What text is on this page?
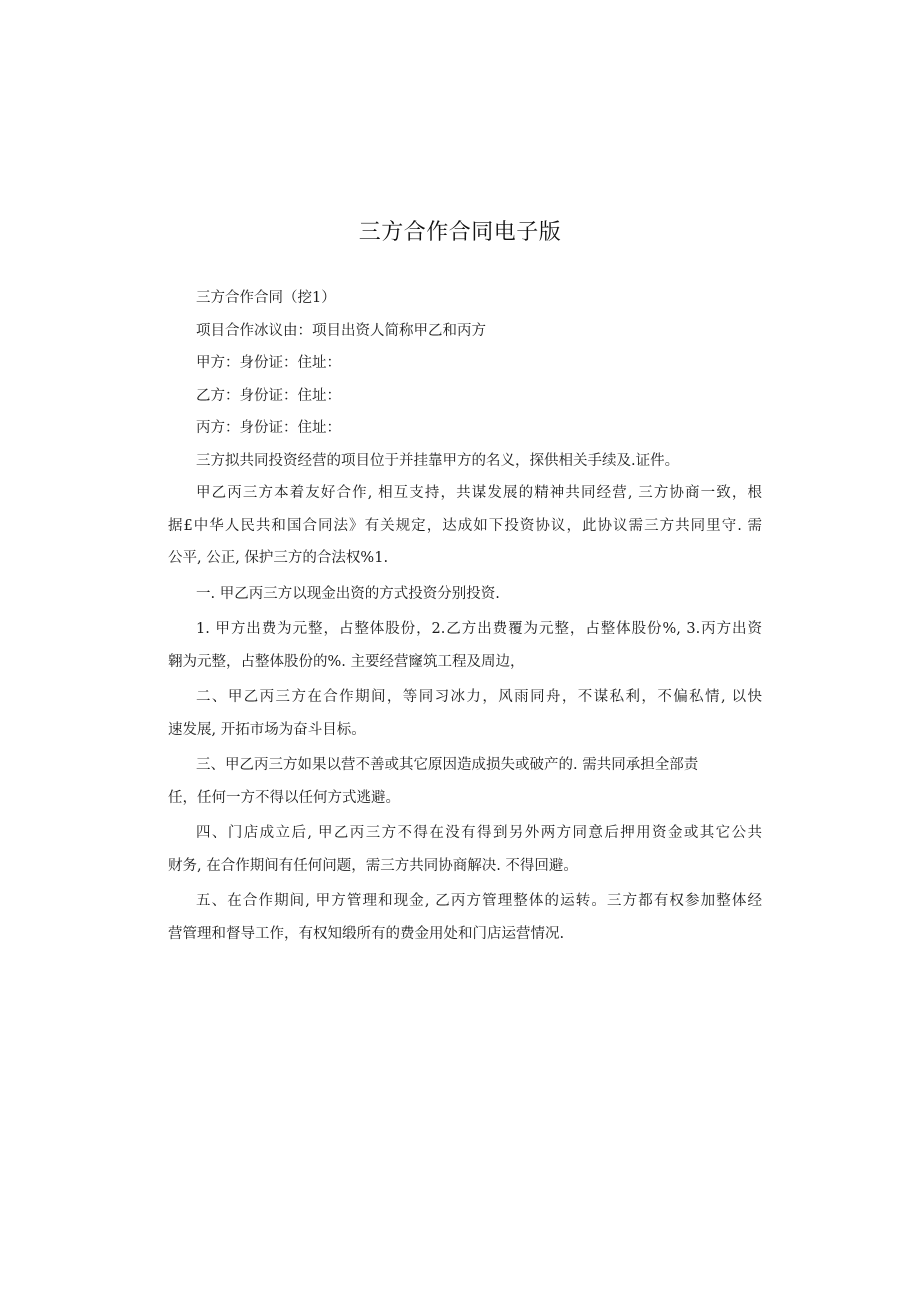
三方合作合同电子版
三方合作合同（挖1）
项目合作冰议由：项目出资人简称甲乙和丙方
甲方：身份证：住址：
乙方：身份证：住址：
丙方：身份证：住址：
三方拟共同投资经营的项目位于并挂靠甲方的名义，探供相关手续及.证件。
甲乙丙三方本着友好合作, 相互支持，共谋发展的精神共同经营, 三方协商一致，根
据£中华人民共和国合同法》有关规定，达成如下投资协议，此协议需三方共同里守. 需
公平, 公正, 保护三方的合法权%1.
一. 甲乙丙三方以现金出资的方式投资分别投资.
1. 甲方出费为元整，占整体股份，2.乙方出费覆为元整，占整体股份%, 3.丙方出资
翱为元整，占整体股份的%. 主要经营窿筑工程及周边，
二、甲乙丙三方在合作期间，等同习冰力，风雨同舟，不谋私利，不偏私情, 以快
速发展, 开拓市场为奋斗目标。
三、甲乙丙三方如果以营不善或其它原因造成损失或破产的. 需共同承担全部责
任，任何一方不得以任何方式逃避。
四、门店成立后, 甲乙丙三方不得在没有得到另外两方同意后押用资金或其它公共
财务, 在合作期间有任何问题，需三方共同协商解决. 不得回避。
五、在合作期间, 甲方管理和现金, 乙丙方管理整体的运转。三方都有权参加整体经
营管理和督导工作，有权知缎所有的费金用处和门店运营情况.
